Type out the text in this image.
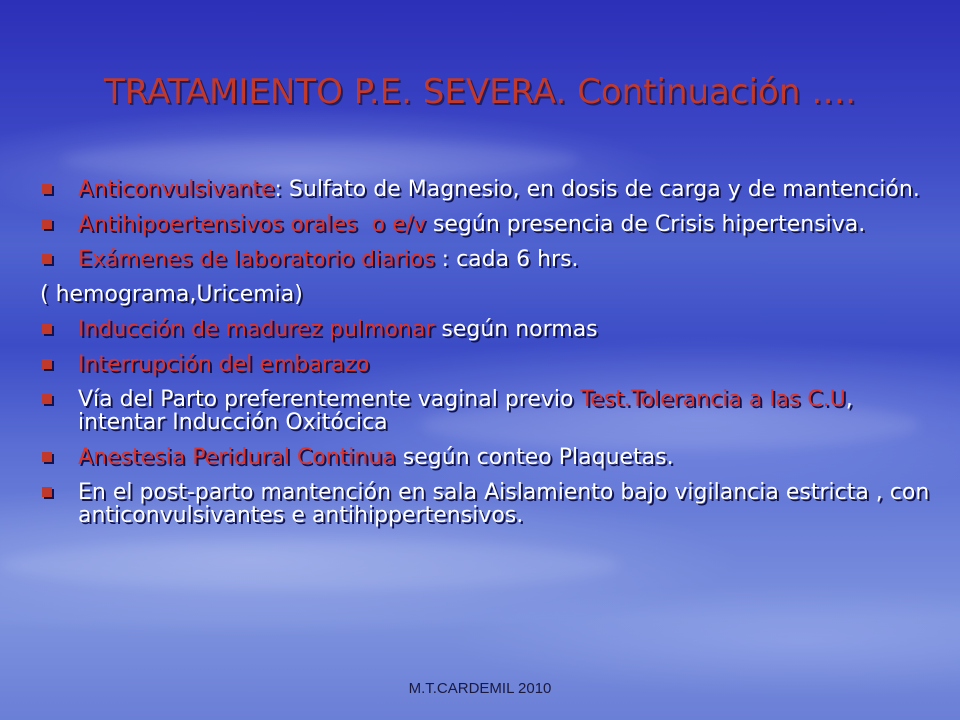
TRATAMIENTO P.E. SEVERA. Continuación ….
Anticonvulsivante: Sulfato de Magnesio, en dosis de carga y de mantención.
Antihipoertensivos orales  o e/v según presencia de Crisis hipertensiva.
Exámenes de laboratorio diarios : cada 6 hrs.
( hemograma,Uricemia)
Inducción de madurez pulmonar según normas
Interrupción del embarazo
Vía del Parto preferentemente vaginal previo Test.Tolerancia a las C.U, intentar Inducción Oxitócica
Anestesia Peridural Continua según conteo Plaquetas.
En el post-parto mantención en sala Aislamiento bajo vigilancia estricta , con anticonvulsivantes e antihippertensivos.
M.T.CARDEMIL 2010
